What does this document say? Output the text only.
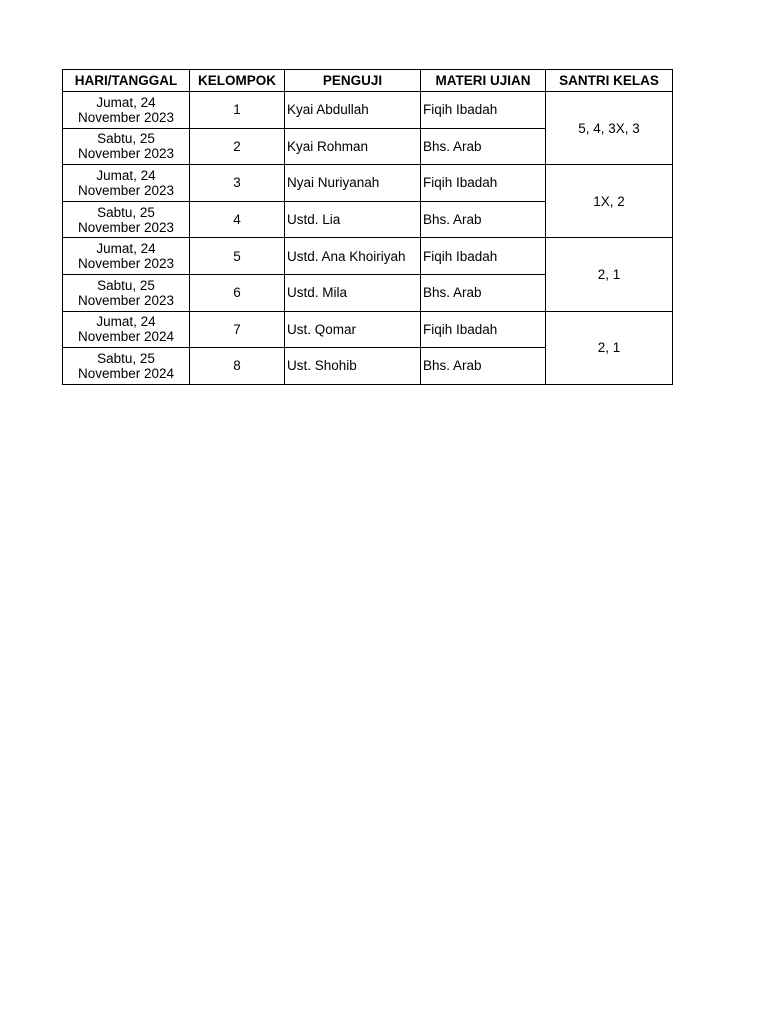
HARI/TANGGAL	KELOMPOK	PENGUJI	MATERI UJIAN	SANTRI KELAS

Jumat, 24
November 2023	1	Kyai Abdullah	Fiqih Ibadah	5, 4, 3X, 3

Sabtu, 25
November 2023	2	Kyai Rohman	Bhs. Arab	

Jumat, 24
November 2023	3	Nyai Nuriyanah	Fiqih Ibadah	1X, 2

Sabtu, 25
November 2023	4	Ustd. Lia	Bhs. Arab	

Jumat, 24
November 2023	5	Ustd. Ana Khoiriyah	Fiqih Ibadah	2, 1

Sabtu, 25
November 2023	6	Ustd. Mila	Bhs. Arab	

Jumat, 24
November 2024	7	Ust. Qomar	Fiqih Ibadah	2, 1

Sabtu, 25
November 2024	8	Ust. Shohib	Bhs. Arab	
